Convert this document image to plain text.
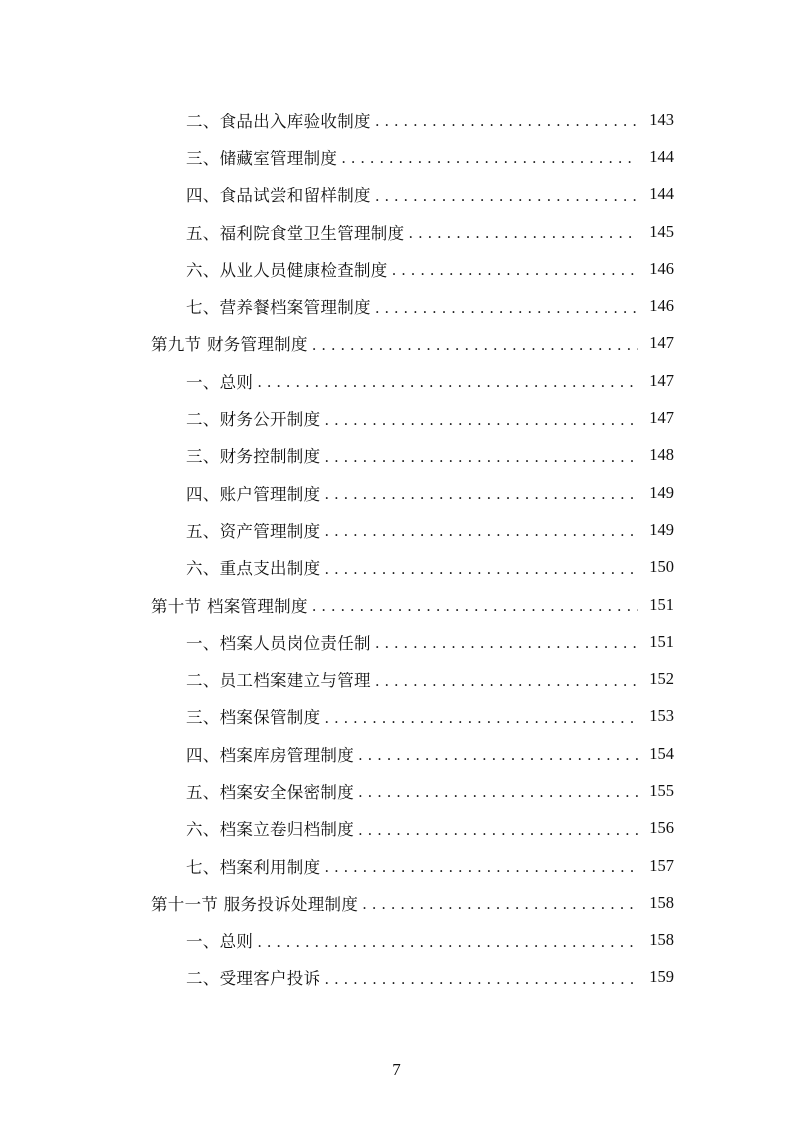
二、食品出入库验收制度 . . .	143
三、储藏室管理制度 . . .	144
四、食品试尝和留样制度 . . .	144
五、福利院食堂卫生管理制度 . . .	145
六、从业人员健康检查制度 . . .	146
七、营养餐档案管理制度 . . .	146
第九节 财务管理制度 . . .	147
一、总则 . . .	147
二、财务公开制度 . . .	147
三、财务控制制度 . . .	148
四、账户管理制度 . . .	149
五、资产管理制度 . . .	149
六、重点支出制度 . . .	150
第十节 档案管理制度 . . .	151
一、档案人员岗位责任制 . . .	151
二、员工档案建立与管理 . . .	152
三、档案保管制度 . . .	153
四、档案库房管理制度 . . .	154
五、档案安全保密制度 . . .	155
六、档案立卷归档制度 . . .	156
七、档案利用制度 . . .	157
第十一节 服务投诉处理制度 . . .	158
一、总则 . . .	158
二、受理客户投诉 . . .	159
7
